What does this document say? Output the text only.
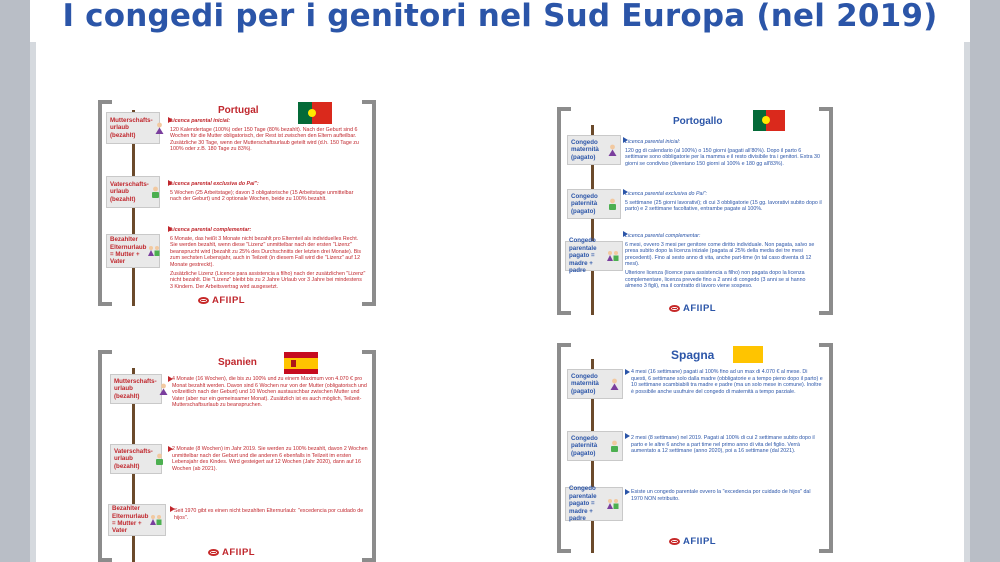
I congedi per i genitori nel Sud Europa (nel 2019)
Portugal
Mutterschafts-urlaub (bezahlt)

Licenca parental inicial:

120 Kalendertage (100%) oder 150 Tage (80% bezahlt). Nach der Geburt sind 6 Wochen für die Mutter obligatorisch, der Rest ist zwischen den Eltern aufteilbar. Zusätzliche 30 Tage, wenn der Mutterschaftsurlaub geteilt wird (d.h. 150 Tage zu 100% oder z.B. 180 Tage zu 83%).

Vaterschafts-urlaub (bezahlt)

Licenca parental exclusiva do Pai":

5 Wochen (25 Arbeitstage); davon 3 obligatorische (15 Arbeitstage unmittelbar nach der Geburt) und 2 optionale Wochen, beide zu 100% bezahlt.

Bezahlter Elternurlaub = Mutter + Vater

Licenca parental complementar:

6 Monate, das heißt 3 Monate nicht bezahlt pro Elternteil als individuelles Recht. Sie werden bezahlt, wenn diese "Lizenz" unmittelbar nach der ersten "Lizenz" beansprucht wird (bezahlt zu 25% des Durchschnitts der letzten drei Monate). Bis zum sechsten Lebensjahr, auch in Teilzeit (in diesem Fall wird die "Lizenz" auf 12 Monate gestreckt).

Zusätzliche Lizenz (Licence para assistencia a filho) nach der zusätzlichen "Lizenz" nicht bezahlt. Die "Lizenz" bleibt bis zu 2 Jahre Urlaub vor 3 Jahre bei mindestens 3 Kindern. Der Arbeitsvertrag wird ausgesetzt.

AFIIPL
Portogallo
Congedo maternità (pagato)

Licenca parental inicial:

120 gg di calendario (al 100%) o 150 giorni (pagati all'80%). Dopo il parto 6 settimane sono obbligatorie per la mamma e il resto divisibile tra i genitori. Extra 30 giorni se condiviso (diventano 150 giorni al 100% e 180 gg all'83%).

Congedo paternità (pagato)

Licenca parental exclusiva do Pai":

5 settimane (25 giorni lavorativi); di cui 3 obbligatorie (15 gg. lavorativi subito dopo il parto) e 2 settimane facoltative, entrambe pagate al 100%.

Congedo parentale pagato = madre + padre

Licenca parental complementar:

6 mesi, ovvero 3 mesi per genitore come diritto individuale. Non pagata, salvo se presa subito dopo la licenza iniziale (pagata al 25% della media dei tre mesi precedenti). Fino al sesto anno di vita, anche part-time (in tal caso diventa di 12 mesi).

Ulteriore licenza (licence para assistencia a filho) non pagata dopo la licenza complementare, licenza prevede fino a 2 anni di congedo (3 anni se si hanno almeno 3 figli), ma il contratto di lavoro viene sospeso.

AFIIPL
Spanien
Mutterschafts-urlaub (bezahlt)

4 Monate (16 Wochen), die bis zu 100% und zu einem Maximum von 4.070 € pro Monat bezahlt werden. Davon sind 6 Wochen nur von der Mutter (obligatorisch und vollzeitlich nach der Geburt) und 10 Wochen austauschbar zwischen Mutter und Vater (aber nur ein gemeinsamer Monat). Zusätzlich ist es auch möglich, Teilzeit-Mutterschaftsurlaub zu beanspruchen.

Vaterschafts-urlaub (bezahlt)

2 Monate (8 Wochen) im Jahr 2019. Sie werden zu 100% bezahlt, davon 2 Wochen unmittelbar nach der Geburt und die anderen 6 ebenfalls in Teilzeit im ersten Lebensjahr des Kindes. Wird gesteigert auf 12 Wochen (Jahr 2020), dann auf 16 Wochen (ab 2021).

Bezahlter Elternurlaub = Mutter + Vater

Seit 1970 gibt es einen nicht bezahlten Elternurlaub: "excedencia por cuidado de hijos".

AFIIPL
Spagna
Congedo maternità (pagato)

4 mesi (16 settimane) pagati al 100% fino ad un max di 4.070 € al mese. Di questi, 6 settimane solo dalla madre (obbligatorie e a tempo pieno dopo il parto) e 10 settimane scambiabili tra madre e padre (ma un solo mese in comune). Inoltre è possibile anche usufruire del congedo di maternità a tempo parziale.

Congedo paternità (pagato)

2 mesi (8 settimane) nel 2019. Pagati al 100% di cui 2 settimane subito dopo il parto e le altre 6 anche a part time nel primo anno di vita del figlio. Verrà aumentato a 12 settimane (anno 2020), poi a 16 settimane (dal 2021).

Congedo parentale pagato = madre + padre

Esiste un congedo parentale ovvero la "excedencia por cuidado de hijos" dal 1970 NON retribuito.

AFIIPL
